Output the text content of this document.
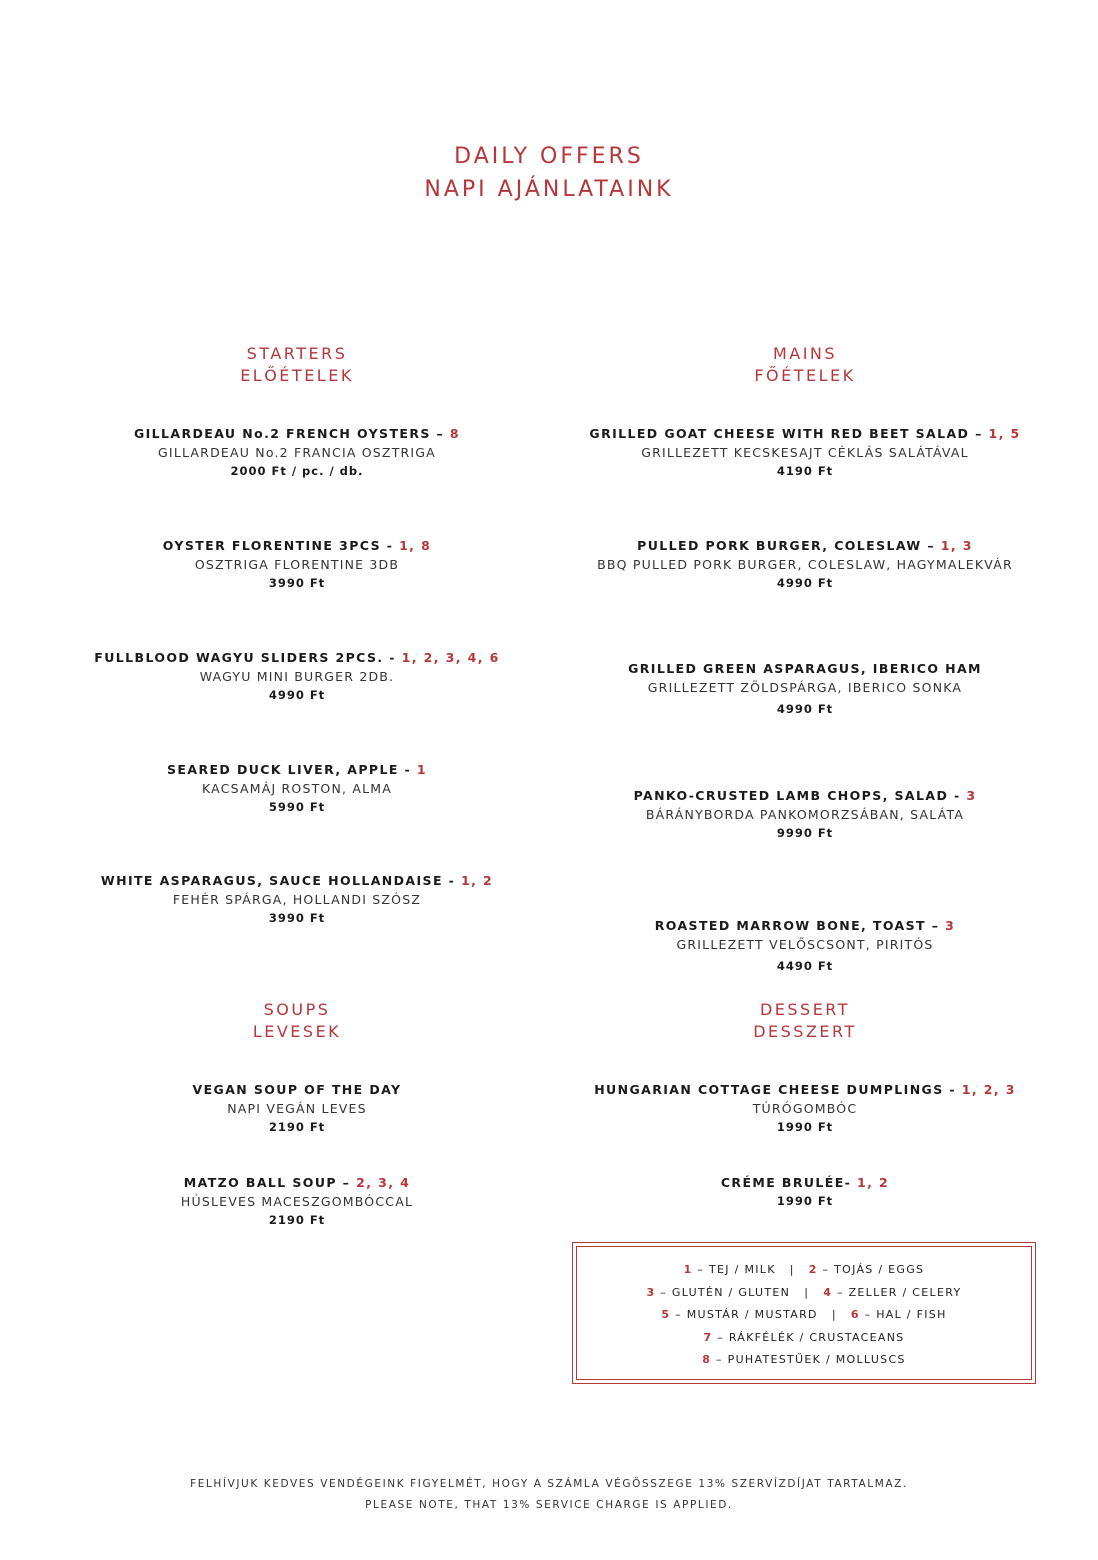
DAILY OFFERS
NAPI AJÁNLATAINK
STARTERS
ELŐÉTELEK
MAINS
FŐÉTELEK
SOUPS
LEVESEK
DESSERT
DESSZERT
GILLARDEAU No.2 FRENCH OYSTERS – 8
GILLARDEAU No.2 FRANCIA OSZTRIGA
2000 Ft / pc. / db.
OYSTER FLORENTINE 3PCS - 1, 8
OSZTRIGA FLORENTINE 3DB
3990 Ft
FULLBLOOD WAGYU SLIDERS 2PCS. - 1, 2, 3, 4, 6
WAGYU MINI BURGER 2DB.
4990 Ft
SEARED DUCK LIVER, APPLE - 1
KACSAMÁJ ROSTON, ALMA
5990 Ft
WHITE ASPARAGUS, SAUCE HOLLANDAISE - 1, 2
FEHÉR SPÁRGA, HOLLANDI SZÓSZ
3990 Ft
GRILLED GOAT CHEESE WITH RED BEET SALAD – 1, 5
GRILLEZETT KECSKESAJT CÉKLÁS SALÁTÁVAL
4190 Ft
PULLED PORK BURGER, COLESLAW – 1, 3
BBQ PULLED PORK BURGER, COLESLAW, HAGYMALEKVÁR
4990 Ft
GRILLED GREEN ASPARAGUS, IBERICO HAM
GRILLEZETT ZÖLDSPÁRGA, IBERICO SONKA
4990 Ft
PANKO-CRUSTED LAMB CHOPS, SALAD - 3
BÁRÁNYBORDA PANKOMORZSÁBAN, SALÁTA
9990 Ft
ROASTED MARROW BONE, TOAST – 3
GRILLEZETT VELŐSCSONT, PIRITÓS
4490 Ft
VEGAN SOUP OF THE DAY
NAPI VEGÁN LEVES
2190 Ft
MATZO BALL SOUP – 2, 3, 4
HÚSLEVES MACESZGOMBÓCCAL
2190 Ft
HUNGARIAN COTTAGE CHEESE DUMPLINGS - 1, 2, 3
TÚRÓGOMBÓC
1990 Ft
CRÉME BRULÉE- 1, 2
1990 Ft
1 – TEJ / MILK | 2 – TOJÁS / EGGS
3 – GLUTÉN / GLUTEN | 4 – ZELLER / CELERY
5 – MUSTÁR / MUSTARD | 6 – HAL / FISH
7 – RÁKFÉLÉK / CRUSTACEANS
8 – PUHATESTŰEK / MOLLUSCS
FELHÍVJUK KEDVES VENDÉGEINK FIGYELMÉT, HOGY A SZÁMLA VÉGÖSSZEGE 13% SZERVÍZDÍJAT TARTALMAZ.
PLEASE NOTE, THAT 13% SERVICE CHARGE IS APPLIED.
